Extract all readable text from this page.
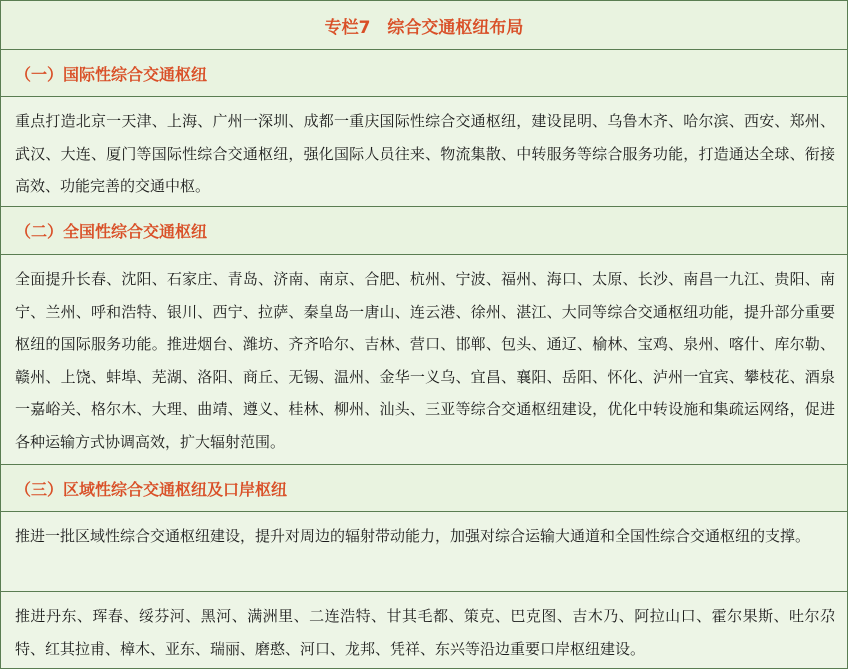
专栏7　综合交通枢纽布局
（一）国际性综合交通枢纽
重点打造北京一天津、上海、广州一深圳、成都一重庆国际性综合交通枢纽，建设昆明、乌鲁木齐、哈尔滨、西安、郑州、武汉、大连、厦门等国际性综合交通枢纽，强化国际人员往来、物流集散、中转服务等综合服务功能，打造通达全球、衔接高效、功能完善的交通中枢。
（二）全国性综合交通枢纽
全面提升长春、沈阳、石家庄、青岛、济南、南京、合肥、杭州、宁波、福州、海口、太原、长沙、南昌一九江、贵阳、南宁、兰州、呼和浩特、银川、西宁、拉萨、秦皇岛一唐山、连云港、徐州、湛江、大同等综合交通枢纽功能，提升部分重要枢纽的国际服务功能。推进烟台、潍坊、齐齐哈尔、吉林、营口、邯郸、包头、通辽、榆林、宝鸡、泉州、喀什、库尔勒、赣州、上饶、蚌埠、芜湖、洛阳、商丘、无锡、温州、金华一义乌、宜昌、襄阳、岳阳、怀化、泸州一宜宾、攀枝花、酒泉一嘉峪关、格尔木、大理、曲靖、遵义、桂林、柳州、汕头、三亚等综合交通枢纽建设，优化中转设施和集疏运网络，促进各种运输方式协调高效，扩大辐射范围。
（三）区域性综合交通枢纽及口岸枢纽
推进一批区域性综合交通枢纽建设，提升对周边的辐射带动能力，加强对综合运输大通道和全国性综合交通枢纽的支撑。
推进丹东、珲春、绥芬河、黑河、满洲里、二连浩特、甘其毛都、策克、巴克图、吉木乃、阿拉山口、霍尔果斯、吐尔尕特、红其拉甫、樟木、亚东、瑞丽、磨憨、河口、龙邦、凭祥、东兴等沿边重要口岸枢纽建设。
